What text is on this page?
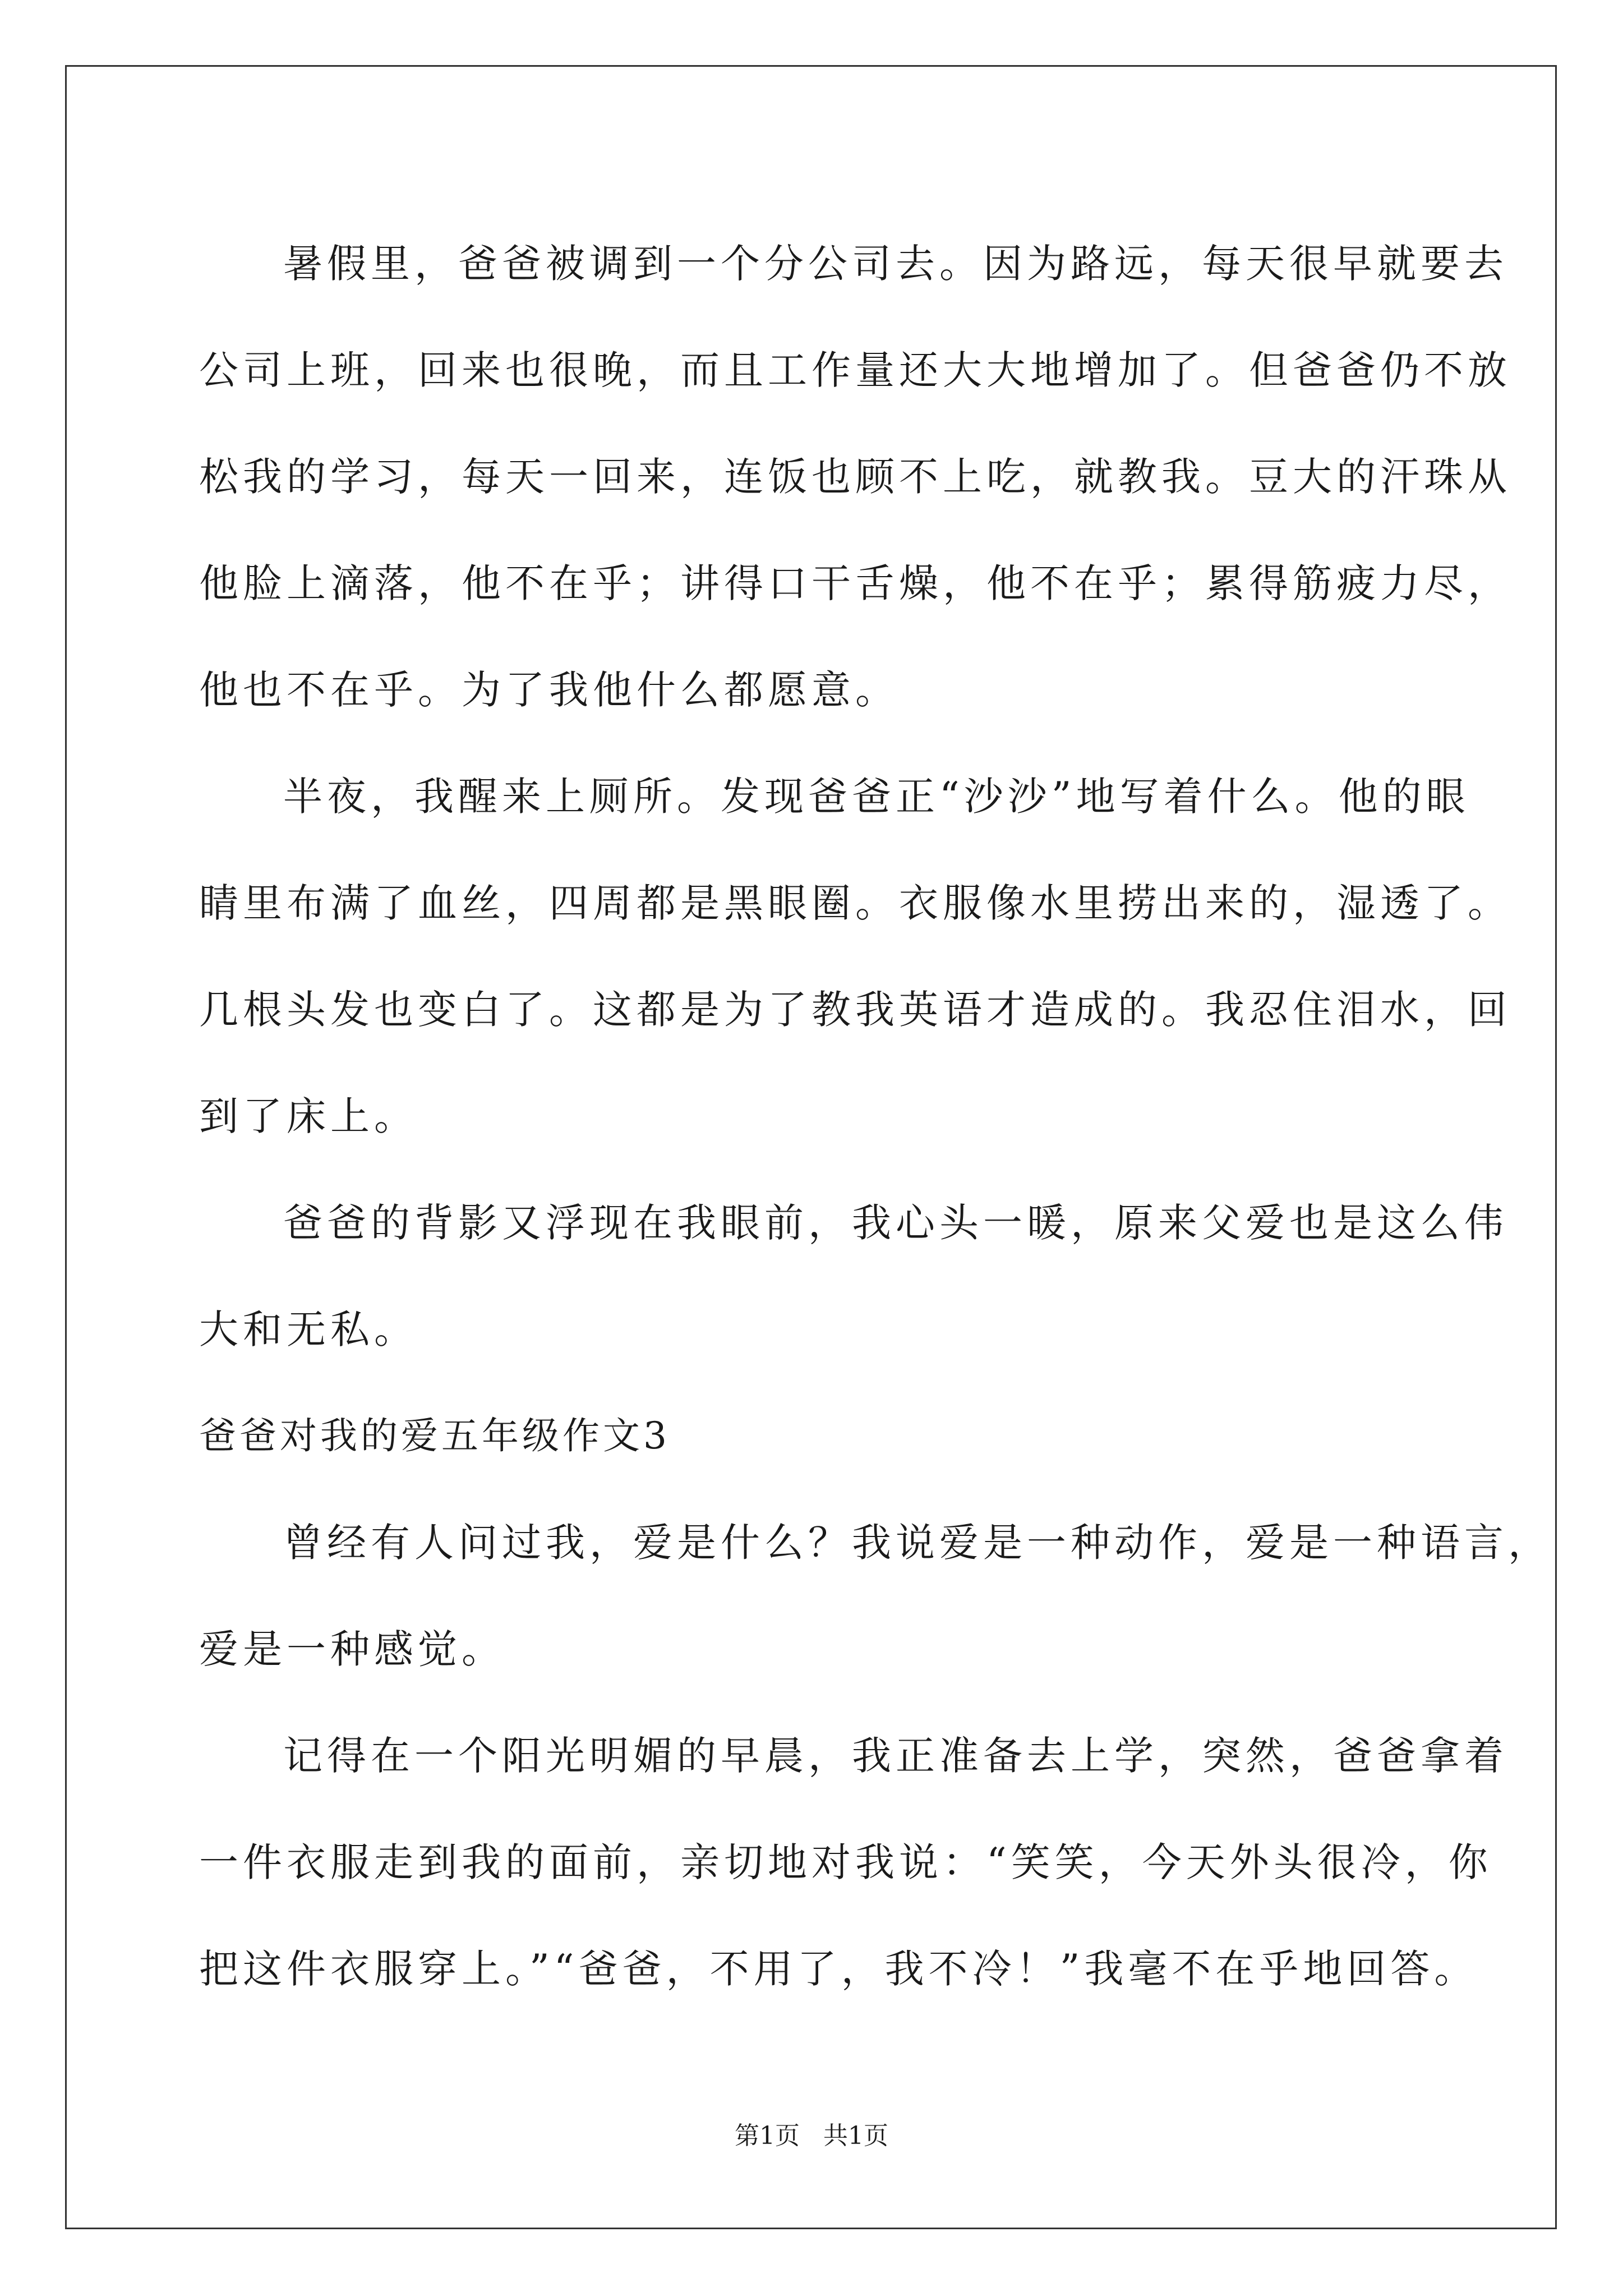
暑假里，爸爸被调到一个分公司去。因为路远，每天很早就要去
公司上班，回来也很晚，而且工作量还大大地增加了。但爸爸仍不放
松我的学习，每天一回来，连饭也顾不上吃，就教我。豆大的汗珠从
他脸上滴落，他不在乎；讲得口干舌燥，他不在乎；累得筋疲力尽，
他也不在乎。为了我他什么都愿意。
半夜，我醒来上厕所。发现爸爸正“沙沙”地写着什么。他的眼
睛里布满了血丝，四周都是黑眼圈。衣服像水里捞出来的，湿透了。
几根头发也变白了。这都是为了教我英语才造成的。我忍住泪水，回
到了床上。
爸爸的背影又浮现在我眼前，我心头一暖，原来父爱也是这么伟
大和无私。
爸爸对我的爱五年级作文3
曾经有人问过我，爱是什么？我说爱是一种动作，爱是一种语言，
爱是一种感觉。
记得在一个阳光明媚的早晨，我正准备去上学，突然，爸爸拿着
一件衣服走到我的面前，亲切地对我说：“笑笑，今天外头很冷，你
把这件衣服穿上。”“爸爸，不用了，我不冷！”我毫不在乎地回答。
第1页   共1页
